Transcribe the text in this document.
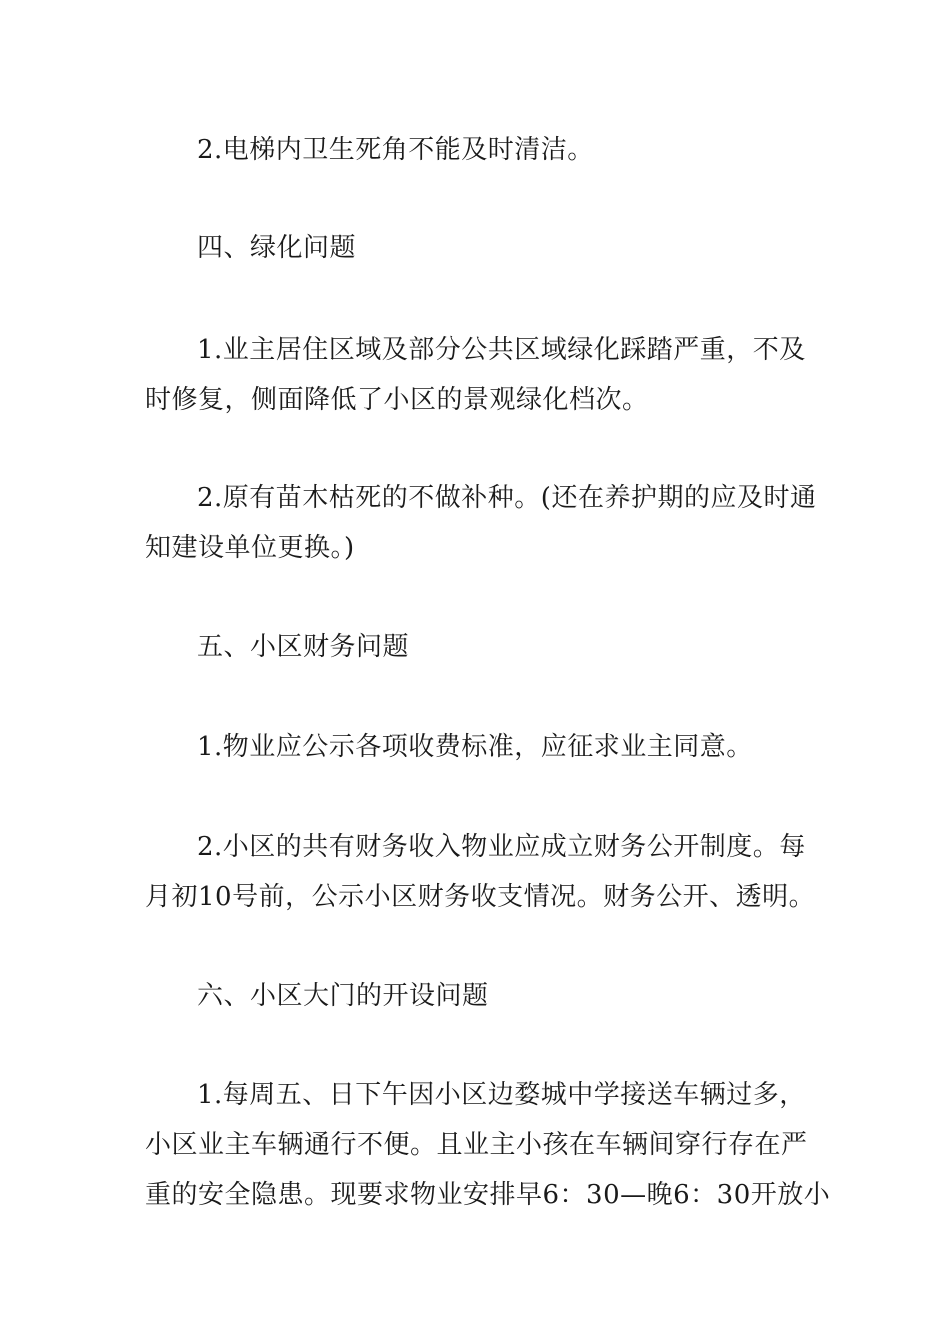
2.电梯内卫生死角不能及时清洁。
四、绿化问题
1.业主居住区域及部分公共区域绿化踩踏严重，不及
时修复，侧面降低了小区的景观绿化档次。
2.原有苗木枯死的不做补种。(还在养护期的应及时通
知建设单位更换。)
五、小区财务问题
1.物业应公示各项收费标准，应征求业主同意。
2.小区的共有财务收入物业应成立财务公开制度。每
月初10号前，公示小区财务收支情况。财务公开、透明。
六、小区大门的开设问题
1.每周五、日下午因小区边婺城中学接送车辆过多，
小区业主车辆通行不便。且业主小孩在车辆间穿行存在严
重的安全隐患。现要求物业安排早6：30—晚6：30开放小
